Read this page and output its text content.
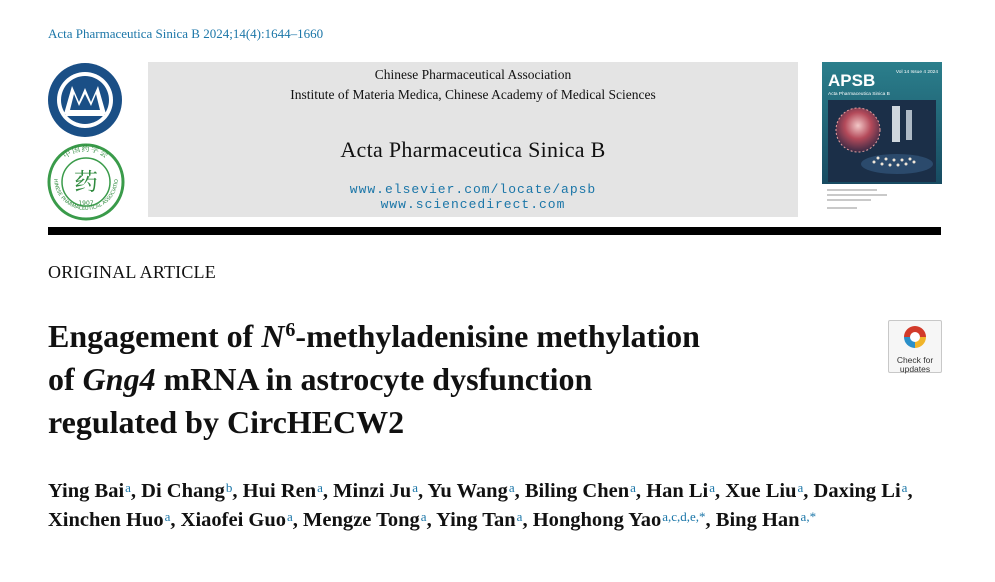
Acta Pharmaceutica Sinica B 2024;14(4):1644–1660
药
中国药学会
HINESE PHARMACEUTICAL ASSOCIATIO
1907
Chinese Pharmaceutical Association
Institute of Materia Medica, Chinese Academy of Medical Sciences
Acta Pharmaceutica Sinica B
www.elsevier.com/locate/apsb
www.sciencedirect.com
APSB
Acta Pharmaceutica Sinica B
Vol 14 Issue 4 2024
ORIGINAL ARTICLE
Engagement of $N^6$-methyladenisine methylation
of Gng4 mRNA in astrocyte dysfunction
regulated by CircHECW2
Check for updates
Ying Bai$^a$, Di Chang$^b$, Hui Ren$^a$, Minzi Ju$^a$, Yu Wang$^a$, Biling Chen$^a$, Han Li$^a$, Xue Liu$^a$, Daxing Li$^a$, Xinchen Huo$^a$, Xiaofei Guo$^a$, Mengze Tong$^a$, Ying Tan$^a$, Honghong Yao$^{a,c,d,e,*}$, Bing Han$^{a,*}$
